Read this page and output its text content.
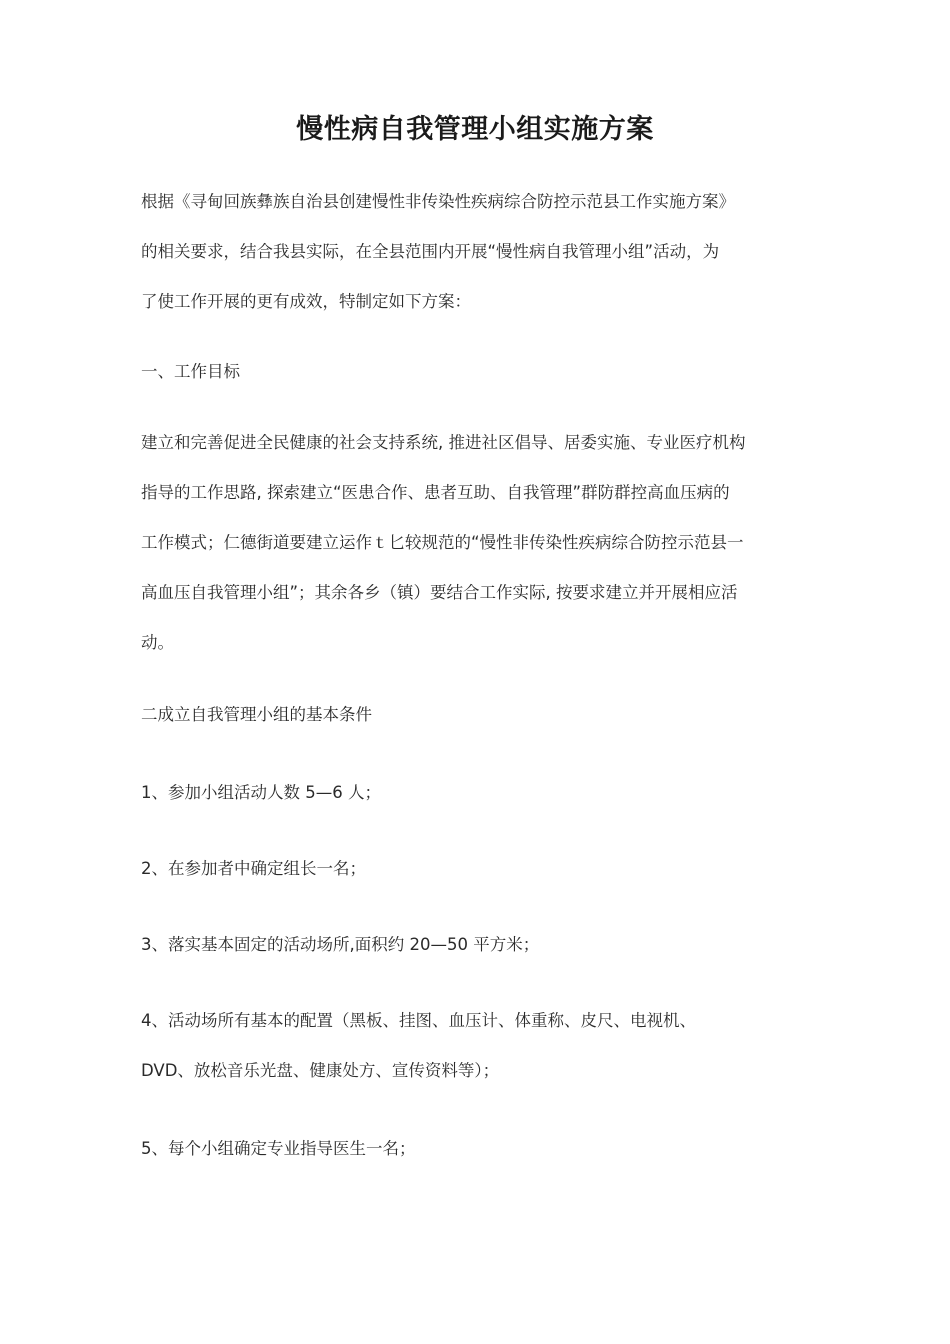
慢性病自我管理小组实施方案
根据《寻甸回族彝族自治县创建慢性非传染性疾病综合防控示范县工作实施方案》
的相关要求，结合我县实际，在全县范围内开展“慢性病自我管理小组”活动，为
了使工作开展的更有成效，特制定如下方案：
一、工作目标
建立和完善促进全民健康的社会支持系统, 推进社区倡导、居委实施、专业医疗机构
指导的工作思路, 探索建立“医患合作、患者互助、自我管理”群防群控高血压病的
工作模式；仁德街道要建立运作ｔ匕较规范的“慢性非传染性疾病综合防控示范县一
高血压自我管理小组”；其余各乡（镇）要结合工作实际, 按要求建立并开展相应活
动。
二成立自我管理小组的基本条件
1、参加小组活动人数 5—6 人；
2、在参加者中确定组长一名；
3、落实基本固定的活动场所,面积约 20—50 平方米；
4、活动场所有基本的配置（黑板、挂图、血压计、体重称、皮尺、电视机、
DVD、放松音乐光盘、健康处方、宣传资料等）；
5、每个小组确定专业指导医生一名；
